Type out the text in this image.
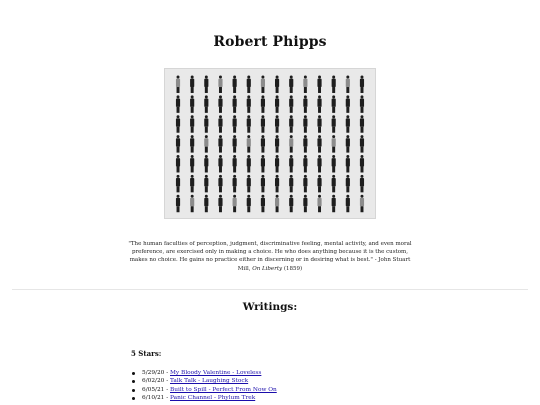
Robert Phipps

"The human faculties of perception, judgment, discriminative feeling, mental activity, and even moral preference, are exercised only in making a choice. He who does anything because it is the custom, makes no choice. He gains no practice either in discerning or in desiring what is best." - John Stuart Mill, On Liberty (1859)

Writings:
5 Stars:
5/29/20 - My Bloody Valentine - Loveless
6/02/20 - Talk Talk - Laughing Stock
6/05/21 - Built to Spill - Perfect From Now On
6/10/21 - Panic Channel - Phylum Trek
